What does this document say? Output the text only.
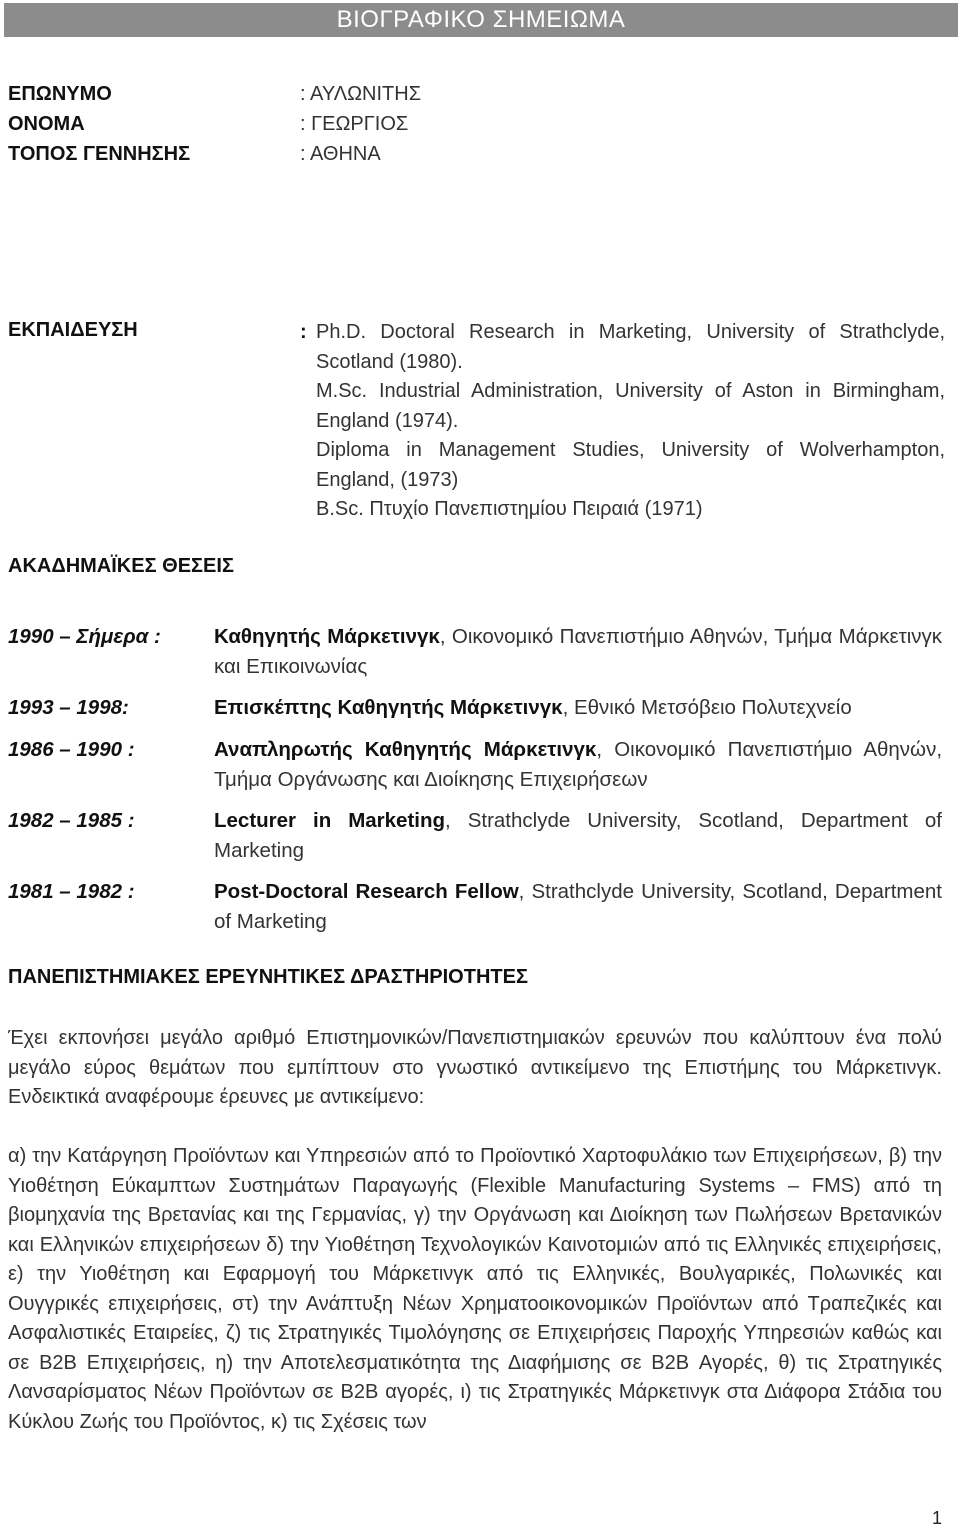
ΒΙΟΓΡΑΦΙΚΟ ΣΗΜΕΙΩΜΑ
ΕΠΩΝΥΜΟ	: ΑΥΛΩΝΙΤΗΣ
ΟΝΟΜΑ	: ΓΕΩΡΓΙΟΣ
ΤΟΠΟΣ ΓΕΝΝΗΣΗΣ	: ΑΘΗΝΑ
ΕΚΠΑΙΔΕΥΣΗ	: Ph.D. Doctoral Research in Marketing, University of Strathclyde, Scotland (1980).
M.Sc. Industrial Administration, University of Aston in Birmingham, England (1974).
Diploma in Management Studies, University of Wolverhampton, England, (1973)
B.Sc. Πτυχίο Πανεπιστημίου Πειραιά (1971)
ΑΚΑΔΗΜΑΪΚΕΣ ΘΕΣΕΙΣ
1990 – Σήμερα :	Καθηγητής Μάρκετινγκ, Οικονομικό Πανεπιστήμιο Αθηνών, Τμήμα Μάρκετινγκ και Επικοινωνίας
1993 – 1998:	Επισκέπτης Καθηγητής Μάρκετινγκ, Εθνικό Μετσόβειο Πολυτεχνείο
1986 – 1990 :	Αναπληρωτής Καθηγητής Μάρκετινγκ, Οικονομικό Πανεπιστήμιο Αθηνών, Τμήμα Οργάνωσης και Διοίκησης Επιχειρήσεων
1982 – 1985 :	Lecturer in Marketing, Strathclyde University, Scotland, Department of Marketing
1981 – 1982 :	Post-Doctoral Research Fellow, Strathclyde University, Scotland, Department of Marketing
ΠΑΝΕΠΙΣΤΗΜΙΑΚΕΣ ΕΡΕΥΝΗΤΙΚΕΣ ΔΡΑΣΤΗΡΙΟΤΗΤΕΣ
Έχει εκπονήσει μεγάλο αριθμό Επιστημονικών/Πανεπιστημιακών ερευνών που καλύπτουν ένα πολύ μεγάλο εύρος θεμάτων που εμπίπτουν στο γνωστικό αντικείμενο της Επιστήμης του Μάρκετινγκ. Ενδεικτικά αναφέρουμε έρευνες με αντικείμενο:
α) την Κατάργηση Προϊόντων και Υπηρεσιών από το Προϊοντικό Χαρτοφυλάκιο των Επιχειρήσεων, β) την Υιοθέτηση Εύκαμπτων Συστημάτων Παραγωγής (Flexible Manufacturing Systems – FMS) από τη βιομηχανία της Βρετανίας και της Γερμανίας, γ) την Οργάνωση και Διοίκηση των Πωλήσεων Βρετανικών και Ελληνικών επιχειρήσεων δ) την Υιοθέτηση Τεχνολογικών Καινοτομιών από τις Ελληνικές επιχειρήσεις, ε) την Υιοθέτηση και Εφαρμογή του Μάρκετινγκ από τις Ελληνικές, Βουλγαρικές, Πολωνικές και Ουγγρικές επιχειρήσεις, στ) την Ανάπτυξη Νέων Χρηματοοικονομικών Προϊόντων από Τραπεζικές και Ασφαλιστικές Εταιρείες, ζ) τις Στρατηγικές Τιμολόγησης σε Επιχειρήσεις Παροχής Υπηρεσιών καθώς και σε B2B Επιχειρήσεις, η) την Αποτελεσματικότητα της Διαφήμισης σε B2B Αγορές, θ) τις Στρατηγικές Λανσαρίσματος Νέων Προϊόντων σε B2B αγορές, ι) τις Στρατηγικές Μάρκετινγκ στα Διάφορα Στάδια του Κύκλου Ζωής του Προϊόντος, κ) τις Σχέσεις των
1
